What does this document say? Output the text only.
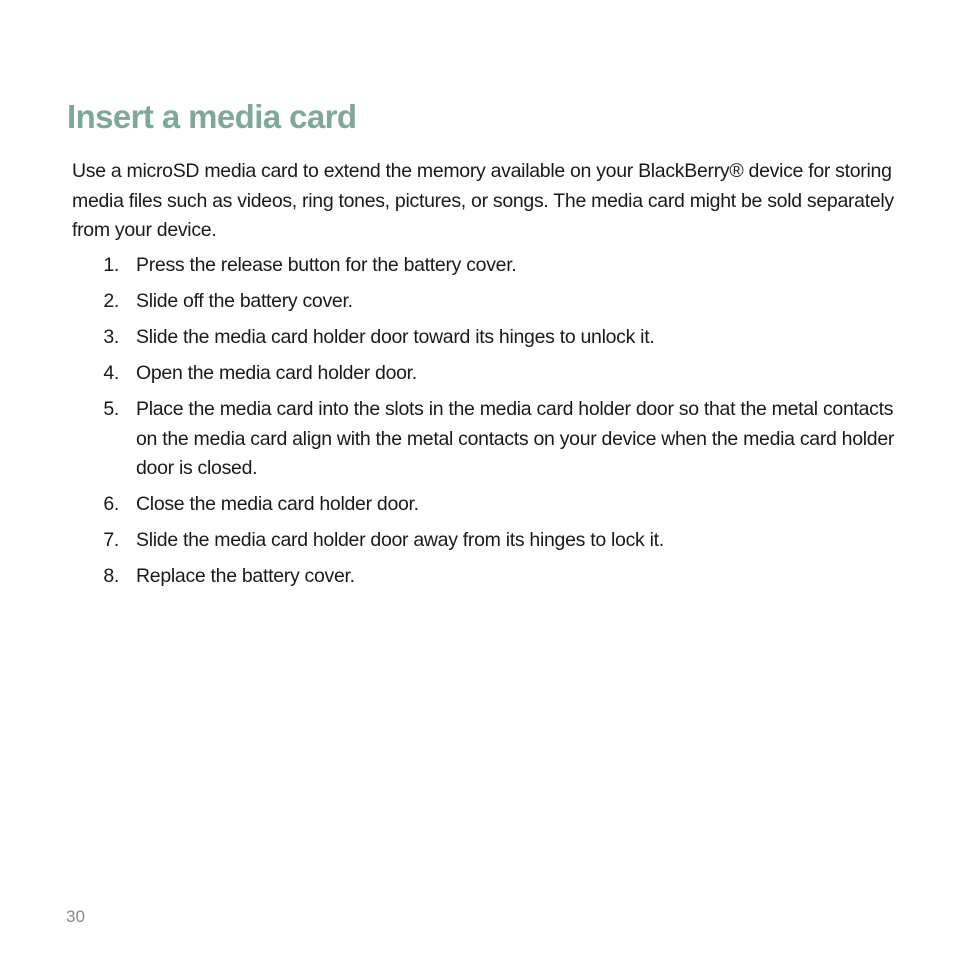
Insert a media card

Use a microSD media card to extend the memory available on your BlackBerry® device for storing media files such as videos, ring tones, pictures, or songs. The media card might be sold separately from your device.

1. Press the release button for the battery cover.
2. Slide off the battery cover.
3. Slide the media card holder door toward its hinges to unlock it.
4. Open the media card holder door.
5. Place the media card into the slots in the media card holder door so that the metal contacts on the media card align with the metal contacts on your device when the media card holder door is closed.
6. Close the media card holder door.
7. Slide the media card holder door away from its hinges to lock it.
8. Replace the battery cover.
30
